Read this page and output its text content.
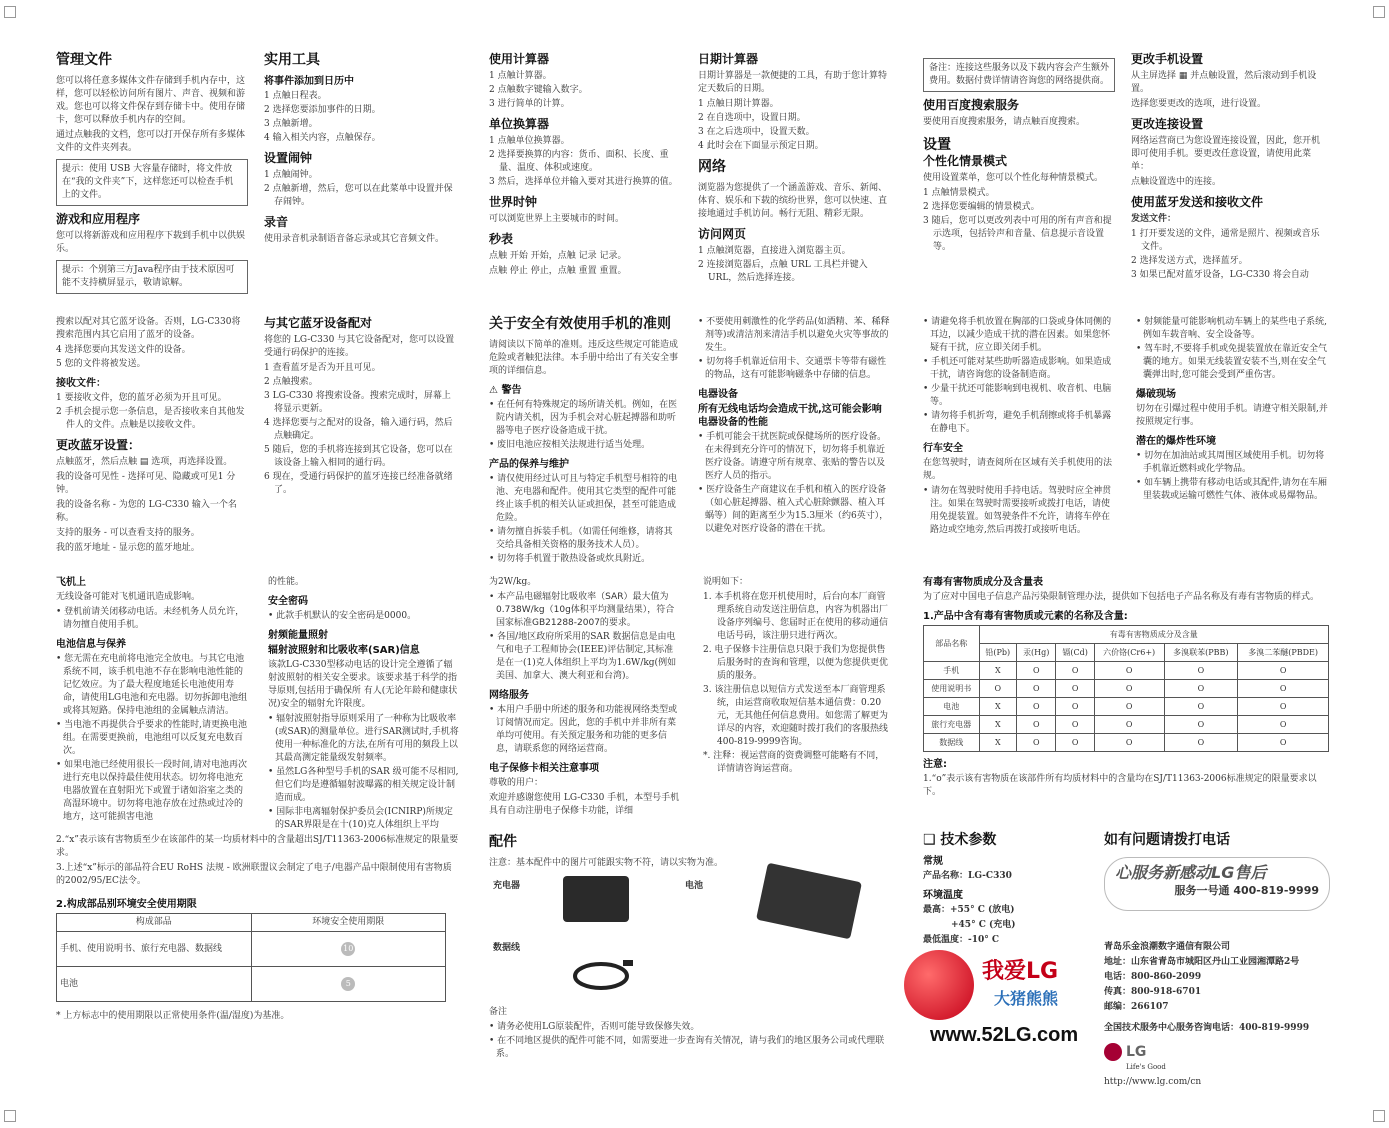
管理文件

您可以将任意多媒体文件存储到手机内存中，这样，您可以轻松访问所有图片、声音、视频和游戏。您也可以将文件保存到存储卡中。使用存储卡，您可以释放手机内存的空间。

通过点触我的文档，您可以打开保存所有多媒体文件的文件夹列表。

提示：使用 USB 大容量存储时，将文件放在“我的文件夹”下，这样您还可以检查手机上的文件。
游戏和应用程序

您可以将新游戏和应用程序下载到手机中以供娱乐。

提示：个别第三方Java程序由于技术原因可能不支持横屏显示，敬请谅解。
实用工具
将事件添加到日历中
1 点触日程表。
2 选择您要添加事件的日期。
3 点触新增。
4 输入相关内容，点触保存。
设置闹钟
1 点触闹钟。
2 点触新增，然后，您可以在此菜单中设置并保存闹钟。
录音

使用录音机录制语音备忘录或其它音频文件。

使用计算器
1 点触计算器。
2 点触数字键输入数字。
3 进行简单的计算。
单位换算器
1 点触单位换算器。
2 选择要换算的内容：货币、面积、长度、重量、温度、体积或速度。
3 然后，选择单位并输入要对其进行换算的值。
世界时钟

可以浏览世界上主要城市的时间。

秒表

点触 开始 开始，点触 记录 记录。

点触 停止 停止，点触 重置 重置。

日期计算器

日期计算器是一款便捷的工具，有助于您计算特定天数后的日期。

1 点触日期计算器。
2 在自选项中，设置日期。
3 在之后选项中，设置天数。
4 此时会在下面显示预定日期。
网络

浏览器为您提供了一个涵盖游戏、音乐、新闻、体育、娱乐和下载的缤纷世界，您可以快速、直接地通过手机访问。畅行无阻、精彩无限。

访问网页
1 点触浏览器，直接进入浏览器主页。
2 连接浏览器后，点触 URL 工具栏并键入URL，然后选择连接。
备注：连接这些服务以及下载内容会产生额外费用。数据付费详情请咨询您的网络提供商。
使用百度搜索服务

要使用百度搜索服务，请点触百度搜索。

设置
个性化情景模式

使用设置菜单，您可以个性化每种情景模式。

1 点触情景模式。
2 选择您要编辑的情景模式。
3 随后，您可以更改列表中可用的所有声音和提示选项，包括铃声和音量、信息提示音设置等。
更改手机设置

从主屏选择 ▦ 并点触设置，然后滚动到手机设置。

选择您要更改的选项，进行设置。

更改连接设置

网络运营商已为您设置连接设置，因此，您开机即可使用手机。要更改任意设置，请使用此菜单：

点触设置选中的连接。

使用蓝牙发送和接收文件

发送文件：

1 打开要发送的文件，通常是照片、视频或音乐文件。
2 选择发送方式，选择蓝牙。
3 如果已配对蓝牙设备，LG-C330 将会自动

搜索以配对其它蓝牙设备。否则，LG-C330将搜索范围内其它启用了蓝牙的设备。

4 选择您要向其发送文件的设备。
5 您的文件将被发送。
接收文件：
1 要接收文件，您的蓝牙必须为开且可见。
2 手机会提示您一条信息，是否接收来自其他发件人的文件。点触是以接收文件。
更改蓝牙设置：

点触蓝牙，然后点触 ▤ 选项，再选择设置。

我的设备可见性 - 选择可见、隐藏或可见1 分钟。

我的设备名称 - 为您的 LG-C330 输入一个名称。

支持的服务 - 可以查看支持的服务。

我的蓝牙地址 - 显示您的蓝牙地址。

与其它蓝牙设备配对

将您的 LG-C330 与其它设备配对，您可以设置受通行码保护的连接。

1 查看蓝牙是否为开且可见。
2 点触搜索。
3 LG-C330 将搜索设备。搜索完成时，屏幕上将显示更新。
4 选择您要与之配对的设备，输入通行码，然后点触确定。
5 随后，您的手机将连接到其它设备，您可以在该设备上输入相同的通行码。
6 现在，受通行码保护的蓝牙连接已经准备就绪了。
关于安全有效使用手机的准则

请阅读以下简单的准则。违反这些规定可能造成危险或者触犯法律。本手册中给出了有关安全事项的详细信息。

⚠ 警告
• 在任何有特殊规定的场所请关机。例如，在医院内请关机，因为手机会对心脏起搏器和助听器等电子医疗设备造成干扰。
• 废旧电池应按相关法规进行适当处理。
产品的保养与维护
• 请仅使用经过认可且与特定手机型号相符的电池、充电器和配件。使用其它类型的配件可能终止该手机的相关认证或担保，甚至可能造成危险。
• 请勿擅自拆装手机。（如需任何维修，请将其交给具备相关资格的服务技术人员）。
• 切勿将手机置于散热设备或炊具附近。
• 不要使用刺激性的化学药品(如酒精、苯、稀释剂等)或清洁剂来清洁手机以避免火灾等事故的发生。
• 切勿将手机靠近信用卡、交通票卡等带有磁性的物品，这有可能影响磁条中存储的信息。
电器设备
所有无线电话均会造成干扰,这可能会影响电器设备的性能
• 手机可能会干扰医院或保健场所的医疗设备。在未得到充分许可的情况下，切勿将手机靠近医疗设备。请遵守所有规章、张贴的警告以及医疗人员的指示。
• 医疗设备生产商建议在手机和植入的医疗设备（如心脏起搏器、植入式心脏除颤器、植入耳蜗等）间的距离至少为15.3厘米（约6英寸），以避免对医疗设备的潜在干扰。
• 请避免将手机放置在胸部的口袋或身体同侧的耳边，以减少造成干扰的潜在因素。如果您怀疑有干扰，应立即关闭手机。
• 手机还可能对某些助听器造成影响。如果造成干扰，请咨询您的设备制造商。
• 少量干扰还可能影响到电视机、收音机、电脑等。
• 请勿将手机折弯，避免手机刮擦或将手机暴露在静电下。
行车安全

在您驾驶时，请查阅所在区域有关手机使用的法规。

• 请勿在驾驶时使用手持电话。驾驶时应全神贯注。如果在驾驶时需要接听或拨打电话，请使用免提装置。如驾驶条件不允许，请将车停在路边或空地旁,然后再拨打或接听电话。
• 射频能量可能影响机动车辆上的某些电子系统,例如车载音响、安全设备等。
• 驾车时,不要将手机或免提装置放在靠近安全气囊的地方。如果无线装置安装不当,则在安全气囊弹出时,您可能会受到严重伤害。
爆破现场

切勿在引爆过程中使用手机。请遵守相关限制,并按照规定行事。

潜在的爆炸性环境
• 切勿在加油站或其周围区域使用手机。切勿将手机靠近燃料或化学物品。
• 如车辆上携带有移动电话或其配件,请勿在车厢里装载或运输可燃性气体、液体或易爆物品。
飞机上

无线设备可能对飞机通讯造成影响。

• 登机前请关闭移动电话。未经机务人员允许，请勿擅自使用手机。
电池信息与保养
• 您无需在充电前将电池完全放电。与其它电池系统不同，该手机电池不存在影响电池性能的记忆效应。为了最大程度地延长电池使用寿命，请使用LG电池和充电器。切勿拆卸电池组或将其短路。保持电池组的金属触点清洁。
• 当电池不再提供合乎要求的性能时,请更换电池组。在需要更换前，电池组可以反复充电数百次。
• 如果电池已经使用很长一段时间,请对电池再次进行充电以保持最佳使用状态。切勿将电池充电器放置在直射阳光下或置于诸如浴室之类的高湿环境中。切勿将电池存放在过热或过冷的地方，这可能损害电池

的性能。

安全密码
• 此款手机默认的安全密码是0000。
射频能量照射
辐射波照射和比吸收率(SAR)信息

该款LG-C330型移动电话的设计完全遵循了辐射波照射的相关安全要求。该要求基于科学的指导原则,包括用于确保所 有人(无论年龄和健康状况)安全的辐射允许限度。

• 辐射波照射指导原则采用了一种称为比吸收率(或SAR)的测量单位。进行SAR测试时,手机将使用一种标准化的方法,在所有可用的频段上以其最高测定能量级发射频率。
• 虽然LG各种型号手机的SAR 级可能不尽相同,但它们均是遵循辐射波曝露的相关规定设计制造而成。
• 国际非电离辐射保护委员会(ICNIRP)所规定的SAR界限是在十(10)克人体组织上平均

为2W/kg。

• 本产品电磁辐射比吸收率（SAR）最大值为0.738W/kg（10g体积平均测量结果），符合国家标准GB21288-2007的要求。
• 各国/地区政府所采用的SAR 数据信息是由电气和电子工程师协会(IEEE)评估制定,其标准是在一(1)克人体组织上平均为1.6W/kg(例如美国、加拿大、澳大利亚和台湾)。
网络服务
• 本用户手册中所述的服务和功能视网络类型或订阅情况而定。因此，您的手机中并非所有菜单均可使用。有关预定服务和功能的更多信息，请联系您的网络运营商。
电子保修卡相关注意事项

尊敬的用户：

欢迎并感谢您使用 LG-C330 手机，本型号手机具有自动注册电子保修卡功能，详细

说明如下：

1. 本手机将在您开机使用时，后台向本厂商管理系统自动发送注册信息，内容为机器出厂设备序列编号、您届时正在使用的移动通信电话号码，该注册只进行两次。
2. 电子保修卡注册信息只限于我们为您提供售后服务时的查询和管理，以便为您提供更优质的服务。
3. 该注册信息以短信方式发送至本厂商管理系统，由运营商收取短信基本通信费：0.20元，无其他任何信息费用。如您需了解更为详尽的内容，欢迎随时拨打我们的客服热线400-819-9999咨询。
*. 注释：视运营商的资费调整可能略有不同，详情请咨询运营商。
有毒有害物质成分及含量表

为了应对中国电子信息产品污染限制管理办法，提供如下包括电子产品名称及有毒有害物质的样式。

1.产品中含有毒有害物质或元素的名称及含量:
部品名称	有毒有害物质成分及含量					
	铅(Pb)	汞(Hg)	镉(Cd)	六价铬(Cr6+)	多溴联苯(PBB)	多溴二苯醚(PBDE)
手机	X	O	O	O	O	O
使用说明书	O	O	O	O	O	O
电池	X	O	O	O	O	O
旅行充电器	X	O	O	O	O	O
数据线	X	O	O	O	O	O
注意:

1.“o”表示该有害物质在该部件所有均质材料中的含量均在SJ/T11363-2006标准规定的限量要求以下。

2.“x”表示该有害物质至少在该部件的某一均质材料中的含量超出SJ/T11363-2006标准规定的限量要求。

3.上述“x”标示的部品符合EU RoHS 法规 - 欧洲联盟议会制定了电子/电器产品中限制使用有害物质的2002/95/EC法令。

2.构成部品别环境安全使用期限
构成部品	环境安全使用期限
手机、使用说明书、旅行充电器、数据线	10
电池	5

* 上方标志中的使用期限以正常使用条件(温/湿度)为基准。

配件

注意：基本配件中的图片可能跟实物不符，请以实物为准。

充电器	电池
数据线

备注

• 请务必使用LG原装配件，否则可能导致保修失效。
• 在不同地区提供的配件可能不同，如需要进一步查询有关情况，请与我们的地区服务公司或代理联系。
❑ 技术参数
常规

产品名称：LG-C330

环境温度

最高：+55° C (放电)

+45° C (充电)

最低温度：-10° C

我爱LG
大猪熊熊
www.52LG.com
如有问题请拨打电话
心服务新感动LG售后
服务一号通 400-819-9999

青岛乐金浪潮数字通信有限公司

地址：山东省青岛市城阳区丹山工业园湘潭路2号

电话：800-860-2099

传真：800-918-6701

邮编：266107

全国技术服务中心服务咨询电话：400-819-9999

LG

Life's Good

http://www.lg.com/cn
